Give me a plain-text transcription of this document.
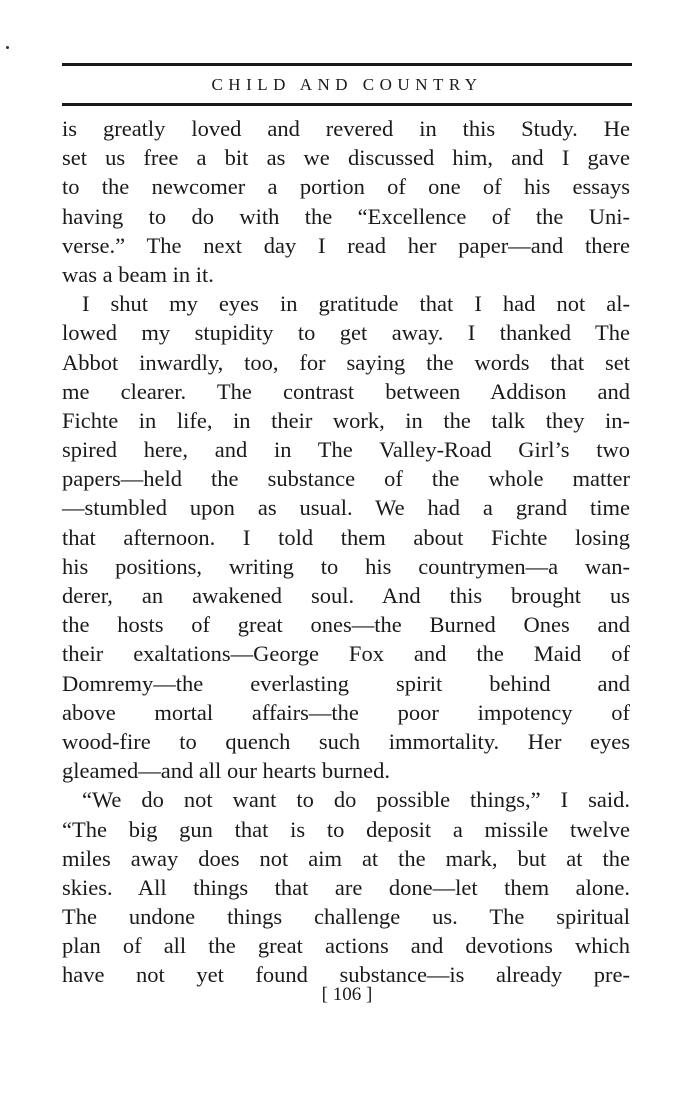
CHILD AND COUNTRY
is greatly loved and revered in this Study. He
set us free a bit as we discussed him, and I gave
to the newcomer a portion of one of his essays
having to do with the “Excellence of the Uni-
verse.” The next day I read her paper—and there
was a beam in it.
I shut my eyes in gratitude that I had not al-
lowed my stupidity to get away. I thanked The
Abbot inwardly, too, for saying the words that set
me clearer. The contrast between Addison and
Fichte in life, in their work, in the talk they in-
spired here, and in The Valley-Road Girl’s two
papers—held the substance of the whole matter
—stumbled upon as usual. We had a grand time
that afternoon. I told them about Fichte losing
his positions, writing to his countrymen—a wan-
derer, an awakened soul. And this brought us
the hosts of great ones—the Burned Ones and
their exaltations—George Fox and the Maid of
Domremy—the everlasting spirit behind and
above mortal affairs—the poor impotency of
wood-fire to quench such immortality. Her eyes
gleamed—and all our hearts burned.
“We do not want to do possible things,” I said.
“The big gun that is to deposit a missile twelve
miles away does not aim at the mark, but at the
skies. All things that are done—let them alone.
The undone things challenge us. The spiritual
plan of all the great actions and devotions which
have not yet found substance—is already pre-
[ 106 ]
